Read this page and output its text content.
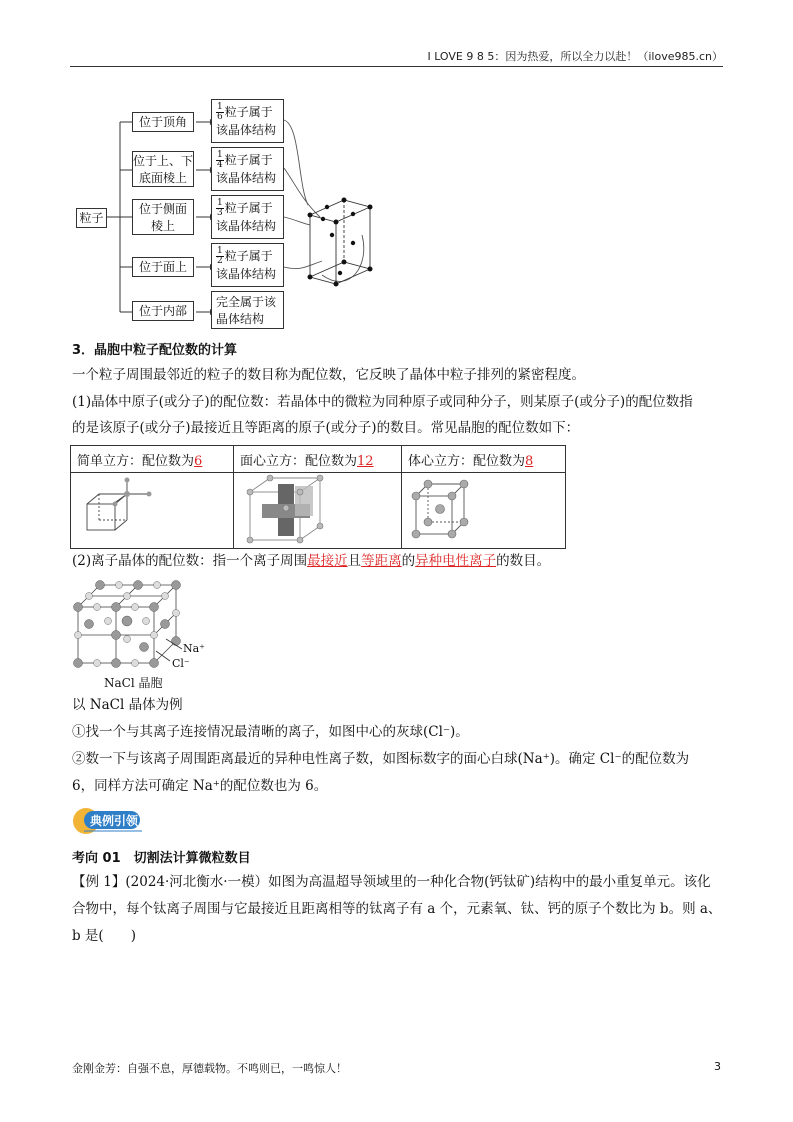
I LOVE 9 8 5：因为热爱，所以全力以赴！（ilove985.cn）
粒子
位于顶角
位于上、下
底面棱上
位于侧面
棱上
位于面上
位于内部
$\frac{1}{6}$ 粒子属于
该晶体结构
$\frac{1}{4}$ 粒子属于
该晶体结构
$\frac{1}{3}$ 粒子属于
该晶体结构
$\frac{1}{2}$ 粒子属于
该晶体结构
完全属于该
晶体结构
3．晶胞中粒子配位数的计算
一个粒子周围最邻近的粒子的数目称为配位数，它反映了晶体中粒子排列的紧密程度。
(1)晶体中原子(或分子)的配位数：若晶体中的微粒为同种原子或同种分子，则某原子(或分子)的配位数指
的是该原子(或分子)最接近且等距离的原子(或分子)的数目。常见晶胞的配位数如下：
简单立方：配位数为6	面心立方：配位数为12	体心立方：配位数为8

(2)离子晶体的配位数：指一个离子周围最接近且等距离的异种电性离子的数目。
Na⁺
Cl⁻
NaCl 晶胞
以 NaCl 晶体为例
①找一个与其离子连接情况最清晰的离子，如图中心的灰球(Cl⁻)。
②数一下与该离子周围距离最近的异种电性离子数，如图标数字的面心白球(Na⁺)。确定 Cl⁻的配位数为
6，同样方法可确定 Na⁺的配位数也为 6。
典例引领
考向 01　切割法计算微粒数目
【例 1】(2024·河北衡水·一模）如图为高温超导领域里的一种化合物(钙钛矿)结构中的最小重复单元。该化
合物中，每个钛离子周围与它最接近且距离相等的钛离子有 a 个，元素氧、钛、钙的原子个数比为 b。则 a、
b 是(　　)
金刚金芳：自强不息，厚德载物。不鸣则已，一鸣惊人！	3
